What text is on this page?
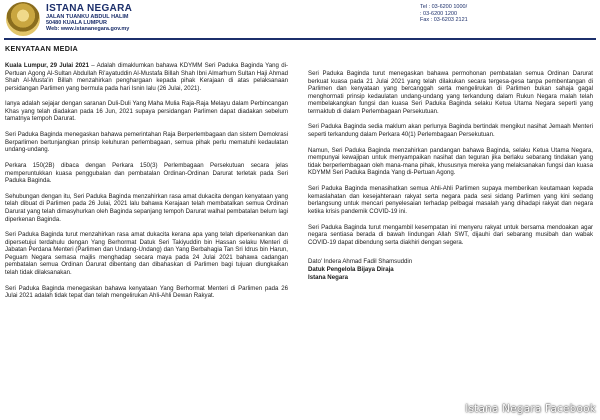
ISTANA NEGARA
JALAN TUANKU ABDUL HALIM
50480 KUALA LUMPUR
Web: www.istananegara.gov.my
Tel : 03-6200 1000/
: 03-6200 1200
Fax : 03-6203 2121
KENYATAAN MEDIA

Kuala Lumpur, 29 Julai 2021 – Adalah dimaklumkan bahawa KDYMM Seri Paduka Baginda Yang di-Pertuan Agong Al-Sultan Abdullah Ri'ayatuddin Al-Mustafa Billah Shah Ibni Almarhum Sultan Haji Ahmad Shah Al-Musta'in Billah menzahirkan penghargaan kepada pihak Kerajaan di atas pelaksanaan persidangan Parlimen yang bermula pada hari Isnin lalu (26 Julai, 2021).

Ianya adalah sejajar dengan saranan Duli-Duli Yang Maha Mulia Raja-Raja Melayu dalam Perbincangan Khas yang telah diadakan pada 16 Jun, 2021 supaya persidangan Parlimen dapat diadakan sebelum tamatnya tempoh Darurat.

Seri Paduka Baginda menegaskan bahawa pemerintahan Raja Berperlembagaan dan sistem Demokrasi Berparlimen bertunjangkan prinsip keluhuran perlembagaan, semua pihak perlu mematuhi kedaulatan undang-undang.

Perkara 150(2B) dibaca dengan Perkara 150(3) Perlembagaan Persekutuan secara jelas memperuntukkan kuasa penggubalan dan pembatalan Ordinan-Ordinan Darurat terletak pada Seri Paduka Baginda.

Sehubungan dengan itu, Seri Paduka Baginda menzahirkan rasa amat dukacita dengan kenyataan yang telah dibuat di Parlimen pada 26 Julai, 2021 lalu bahawa Kerajaan telah membatalkan semua Ordinan Darurat yang telah dimasyhurkan oleh Baginda sepanjang tempoh Darurat walhal pembatalan belum lagi diperkenan Baginda.

Seri Paduka Baginda turut menzahirkan rasa amat dukacita kerana apa yang telah diperkenankan dan dipersetujui terdahulu dengan Yang Berhormat Datuk Seri Takiyuddin bin Hassan selaku Menteri di Jabatan Perdana Menteri (Parlimen dan Undang-Undang) dan Yang Berbahagia Tan Sri Idrus bin Harun, Peguam Negara semasa majlis menghadap secara maya pada 24 Julai 2021 bahawa cadangan pembatalan semua Ordinan Darurat dibentang dan dibahaskan di Parlimen bagi tujuan diungkaikan telah tidak dilaksanakan.

Seri Paduka Baginda menegaskan bahawa kenyataan Yang Berhormat Menteri di Parlimen pada 26 Julai 2021 adalah tidak tepat dan telah mengelirukan Ahli-Ahli Dewan Rakyat.

Seri Paduka Baginda turut menegaskan bahawa permohonan pembatalan semua Ordinan Darurat berkuat kuasa pada 21 Julai 2021 yang telah dilakukan secara tergesa-gesa tanpa pembentangan di Parlimen dan kenyataan yang bercanggah serta mengelirukan di Parlimen bukan sahaja gagal menghormati prinsip kedaulatan undang-undang yang terkandung dalam Rukun Negara malah telah membelakangkan fungsi dan kuasa Seri Paduka Baginda selaku Ketua Utama Negara seperti yang termaktub di dalam Perlembagaan Persekutuan.

Seri Paduka Baginda sedia maklum akan perlunya Baginda bertindak mengikut nasihat Jemaah Menteri seperti terkandung dalam Perkara 40(1) Perlembagaan Persekutuan.

Namun, Seri Paduka Baginda menzahirkan pandangan bahawa Baginda, selaku Ketua Utama Negara, mempunyai kewajipan untuk menyampaikan nasihat dan teguran jika berlaku sebarang tindakan yang tidak berperlembagaan oleh mana-mana pihak, khususnya mereka yang melaksanakan fungsi dan kuasa KDYMM Seri Paduka Baginda Yang di-Pertuan Agong.

Seri Paduka Baginda menasihatkan semua Ahli-Ahli Parlimen supaya memberikan keutamaan kepada kemaslahatan dan kesejahteraan rakyat serta negara pada sesi sidang Parlimen yang kini sedang berlangsung untuk mencari penyelesaian terhadap pelbagai masalah yang dihadapi rakyat dan negara ketika krisis pandemik COVID-19 ini.

Seri Paduka Baginda turut mengambil kesempatan ini menyeru rakyat untuk bersama mendoakan agar negara sentiasa berada di bawah lindungan Allah SWT, dijauhi dari sebarang musibah dan wabak COVID-19 dapat dibendung serta diakhiri dengan segera.

Dato' Indera Ahmad Fadil Shamsuddin
Datuk Pengelola Bijaya Diraja
Istana Negara
Istana Negara Facebook
